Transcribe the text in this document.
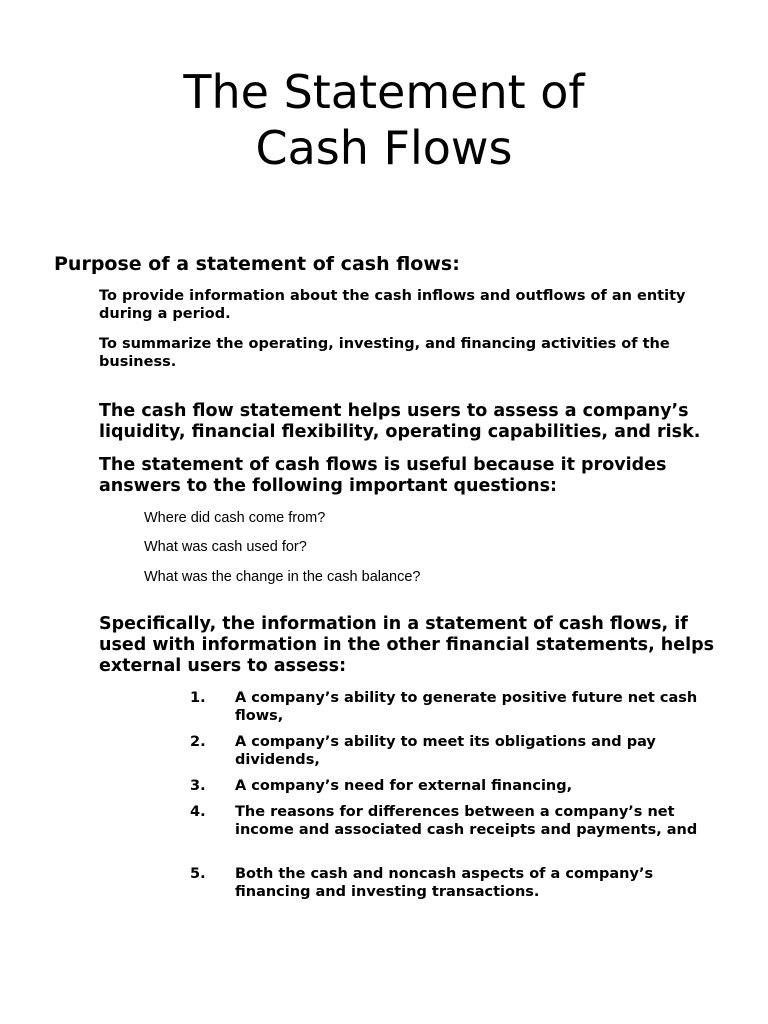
The Statement of
Cash Flows
Purpose of a statement of cash flows:

To provide information about the cash inflows and outflows of an entity during a period.

To summarize the operating, investing, and financing activities of the business.

The cash flow statement helps users to assess a company’s liquidity, financial flexibility, operating capabilities, and risk.

The statement of cash flows is useful because it provides answers to the following important questions:

Where did cash come from?

What was cash used for?

What was the change in the cash balance?

Specifically, the information in a statement of cash flows, if used with information in the other financial statements, helps external users to assess:

1.	A company’s ability to generate positive future net cash flows,
2.	A company’s ability to meet its obligations and pay dividends,
3.	A company’s need for external financing,
4.	The reasons for differences between a company’s net income and associated cash receipts and payments, and
5.	Both the cash and noncash aspects of a company’s financing and investing transactions.
